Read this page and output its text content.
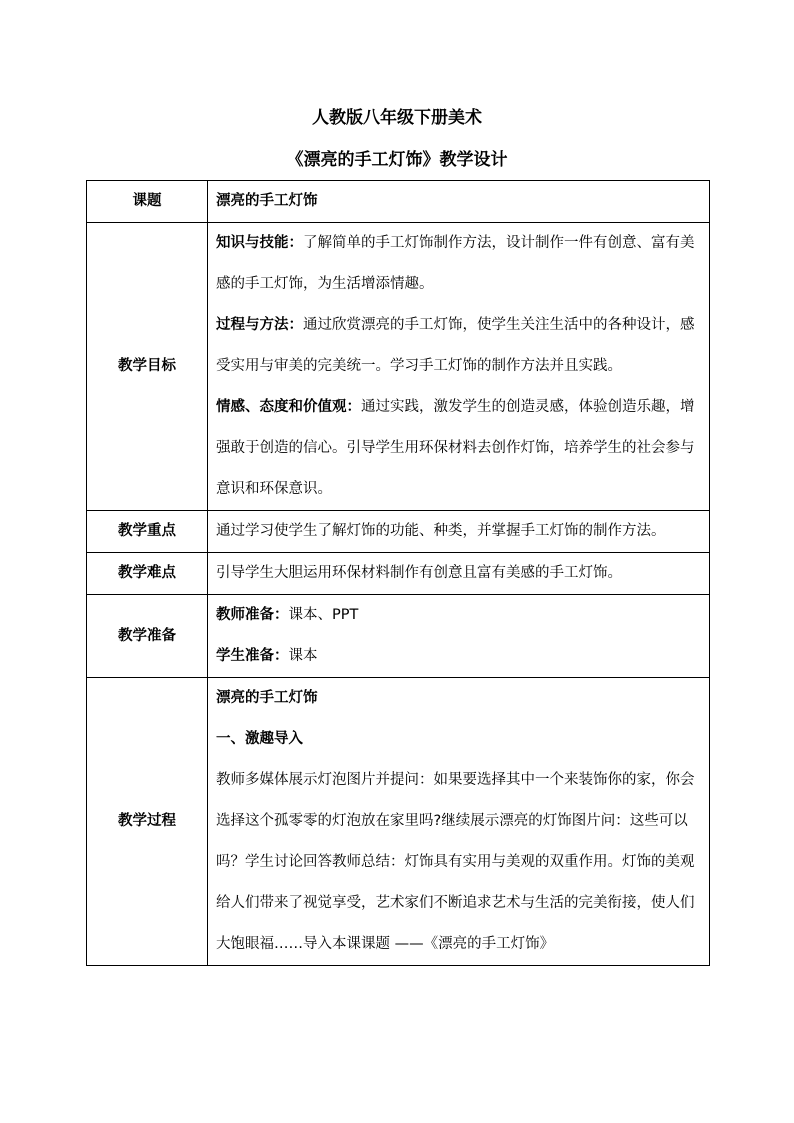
人教版八年级下册美术
《漂亮的手工灯饰》教学设计
课题	漂亮的手工灯饰
教学目标	知识与技能：了解简单的手工灯饰制作方法，设计制作一件有创意、富有美感的手工灯饰，为生活增添情趣。

过程与方法：通过欣赏漂亮的手工灯饰，使学生关注生活中的各种设计，感受实用与审美的完美统一。学习手工灯饰的制作方法并且实践。

情感、态度和价值观：通过实践，激发学生的创造灵感，体验创造乐趣，增强敢于创造的信心。引导学生用环保材料去创作灯饰，培养学生的社会参与意识和环保意识。

教学重点	通过学习使学生了解灯饰的功能、种类，并掌握手工灯饰的制作方法。
教学难点	引导学生大胆运用环保材料制作有创意且富有美感的手工灯饰。
教学准备	教师准备：课本、PPT

学生准备：课本

教学过程	漂亮的手工灯饰

一、激趣导入

教师多媒体展示灯泡图片并提问：如果要选择其中一个来装饰你的家，你会选择这个孤零零的灯泡放在家里吗?继续展示漂亮的灯饰图片问：这些可以吗？学生讨论回答教师总结：灯饰具有实用与美观的双重作用。灯饰的美观给人们带来了视觉享受，艺术家们不断追求艺术与生活的完美衔接，使人们大饱眼福……导入本课课题 ——《漂亮的手工灯饰》
